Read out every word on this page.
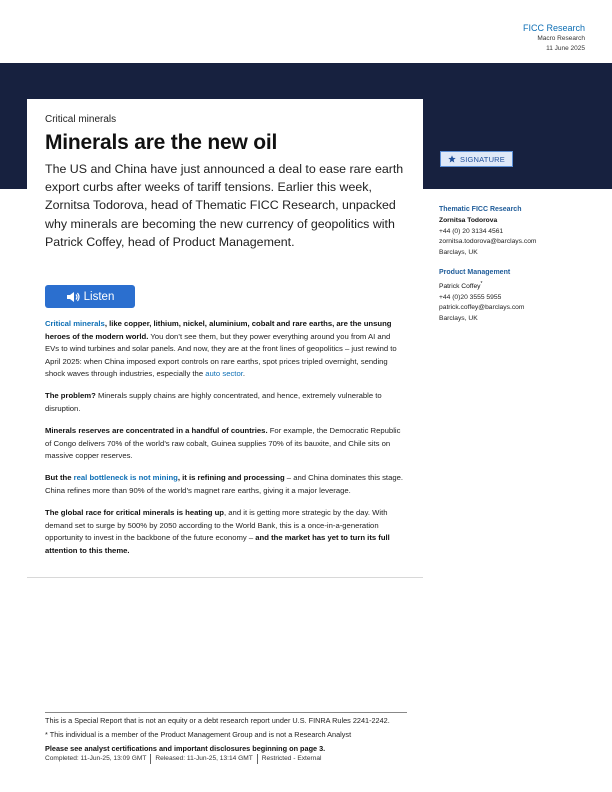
FICC Research
Macro Research
11 June 2025
Critical minerals
Minerals are the new oil
The US and China have just announced a deal to ease rare earth export curbs after weeks of tariff tensions. Earlier this week, Zornitsa Todorova, head of Thematic FICC Research, unpacked why minerals are becoming the new currency of geopolitics with Patrick Coffey, head of Product Management.
Listen

Critical minerals, like copper, lithium, nickel, aluminium, cobalt and rare earths, are the unsung heroes of the modern world. You don’t see them, but they power everything around you from AI and EVs to wind turbines and solar panels. And now, they are at the front lines of geopolitics – just rewind to April 2025: when China imposed export controls on rare earths, spot prices tripled overnight, sending shock waves through industries, especially the auto sector.

The problem? Minerals supply chains are highly concentrated, and hence, extremely vulnerable to disruption.

Minerals reserves are concentrated in a handful of countries. For example, the Democratic Republic of Congo delivers 70% of the world’s raw cobalt, Guinea supplies 70% of its bauxite, and Chile sits on massive copper reserves.

But the real bottleneck is not mining, it is refining and processing – and China dominates this stage. China refines more than 90% of the world’s magnet rare earths, giving it a major leverage.

The global race for critical minerals is heating up, and it is getting more strategic by the day. With demand set to surge by 500% by 2050 according to the World Bank, this is a once-in-a-generation opportunity to invest in the backbone of the future economy – and the market has yet to turn its full attention to this theme.

SIGNATURE
Thematic FICC Research
Zornitsa Todorova
+44 (0) 20 3134 4561
zornitsa.todorova@barclays.com
Barclays, UK
Product Management
Patrick Coffey*
+44 (0)20 3555 5955
patrick.coffey@barclays.com
Barclays, UK
This is a Special Report that is not an equity or a debt research report under U.S. FINRA Rules 2241-2242.
* This individual is a member of the Product Management Group and is not a Research Analyst
Please see analyst certifications and important disclosures beginning on page 3.
Completed: 11-Jun-25, 13:09 GMT	Released: 11-Jun-25, 13:14 GMT	Restricted - External
